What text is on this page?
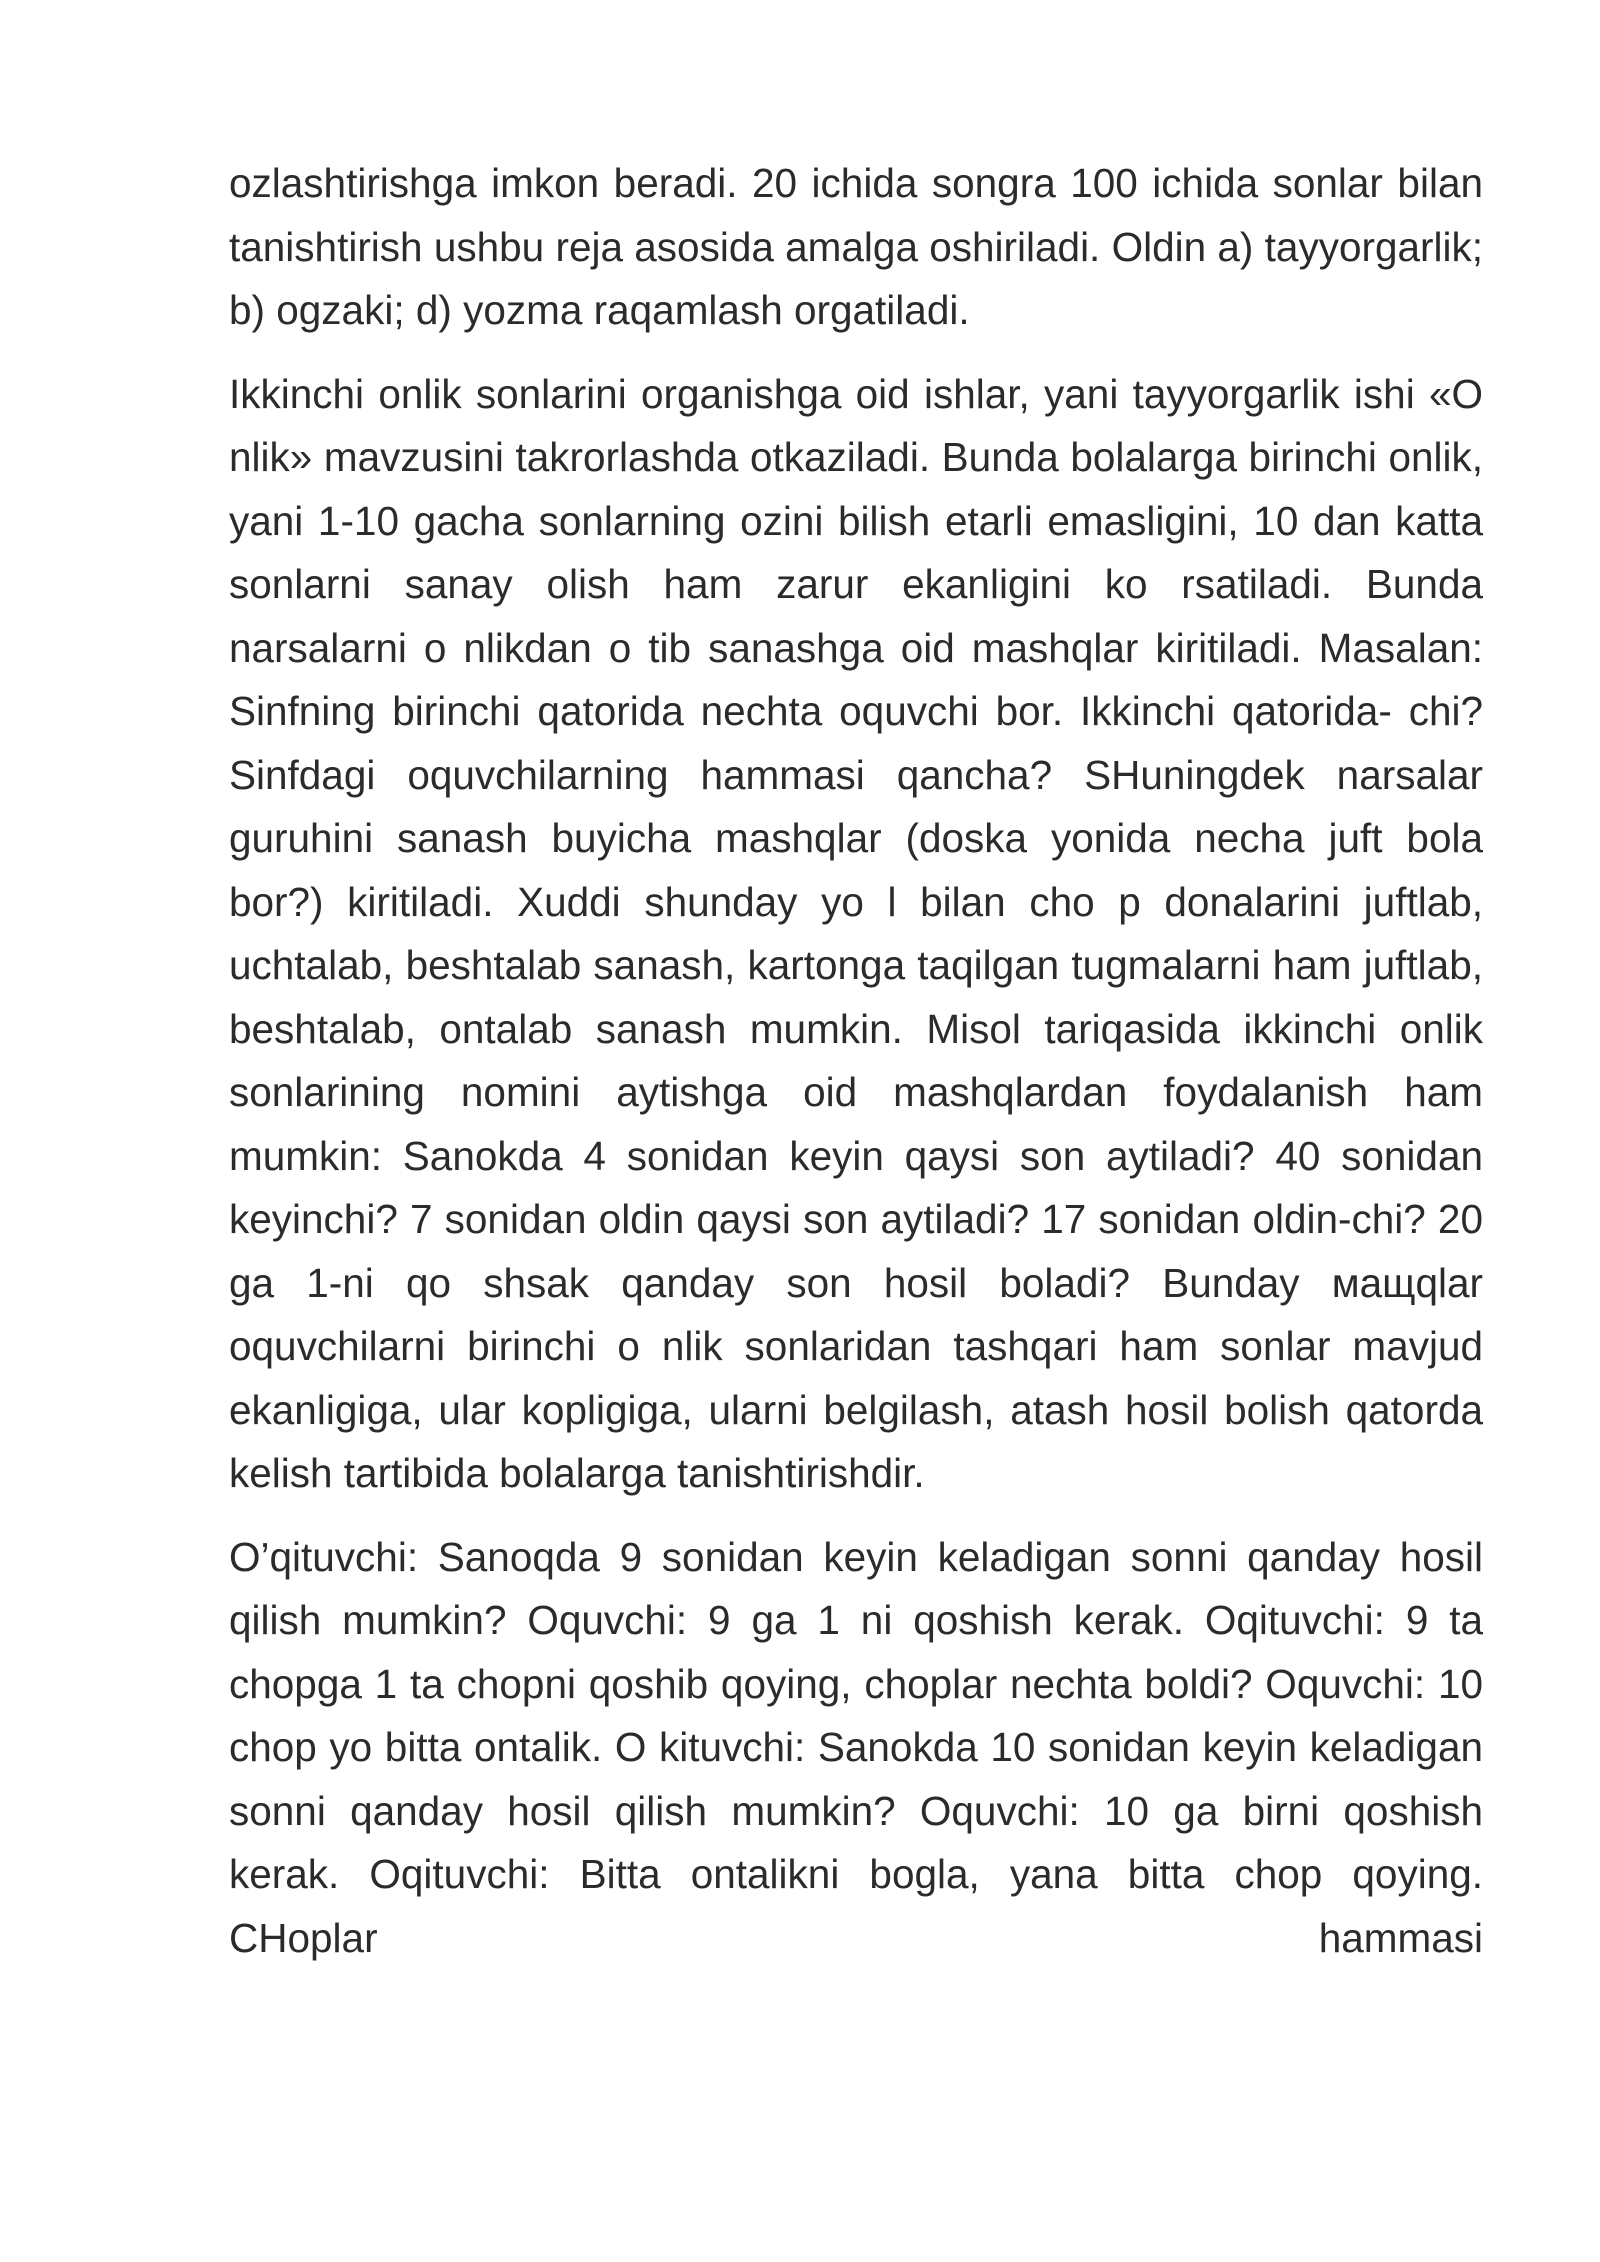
ozlashtirishga imkon beradi. 20 ichida songra 100 ichida sonlar bilan tanishtirish ushbu reja asosida amalga oshiriladi. Oldin a) tayyorgarlik; b) ogzaki; d) yozma raqamlash orgatiladi.

Ikkinchi onlik sonlarini organishga oid ishlar, yani tayyorgarlik ishi «O nlik» mavzusini takrorlashda otkaziladi. Bunda bolalarga birinchi onlik, yani 1-10 gacha sonlarning ozini bilish etarli emasligini, 10 dan katta sonlarni sanay olish ham zarur ekanligini ko rsatiladi. Bunda narsalarni o nlikdan o tib sanashga oid mashqlar kiritiladi. Masalan: Sinfning birinchi qatorida nechta oquvchi bor. Ikkinchi qatorida- chi? Sinfdagi oquvchilarning hammasi qancha? SHuningdek narsalar guruhini sanash buyicha mashqlar (doska yonida necha juft bola bor?) kiritiladi. Xuddi shunday yo l bilan cho p donalarini juftlab, uchtalab, beshtalab sanash, kartonga taqilgan tugmalarni ham juftlab, beshtalab, ontalab sanash mumkin. Misol tariqasida ikkinchi onlik sonlarining nomini aytishga oid mashqlardan foydalanish ham mumkin: Sanokda 4 sonidan keyin qaysi son aytiladi? 40 sonidan keyinchi? 7 sonidan oldin qaysi son aytiladi? 17 sonidan oldin-chi? 20 ga 1-ni qo shsak qanday son hosil boladi? Bunday мащqlar oquvchilarni birinchi o nlik sonlaridan tashqari ham sonlar mavjud ekanligiga, ular kopligiga, ularni belgilash, atash hosil bolish qatorda kelish tartibida bolalarga tanishtirishdir.

O’qituvchi: Sanoqda 9 sonidan keyin keladigan sonni qanday hosil qilish mumkin? Oquvchi: 9 ga 1 ni qoshish kerak. Oqituvchi: 9 ta chopga 1 ta chopni qoshib qoying, choplar nechta boldi? Oquvchi: 10 chop yo bitta ontalik. O kituvchi: Sanokda 10 sonidan keyin keladigan sonni qanday hosil qilish mumkin? Oquvchi: 10 ga birni qoshish kerak. Oqituvchi: Bitta ontalikni bogla, yana bitta chop qoying. CHoplar hammasi
